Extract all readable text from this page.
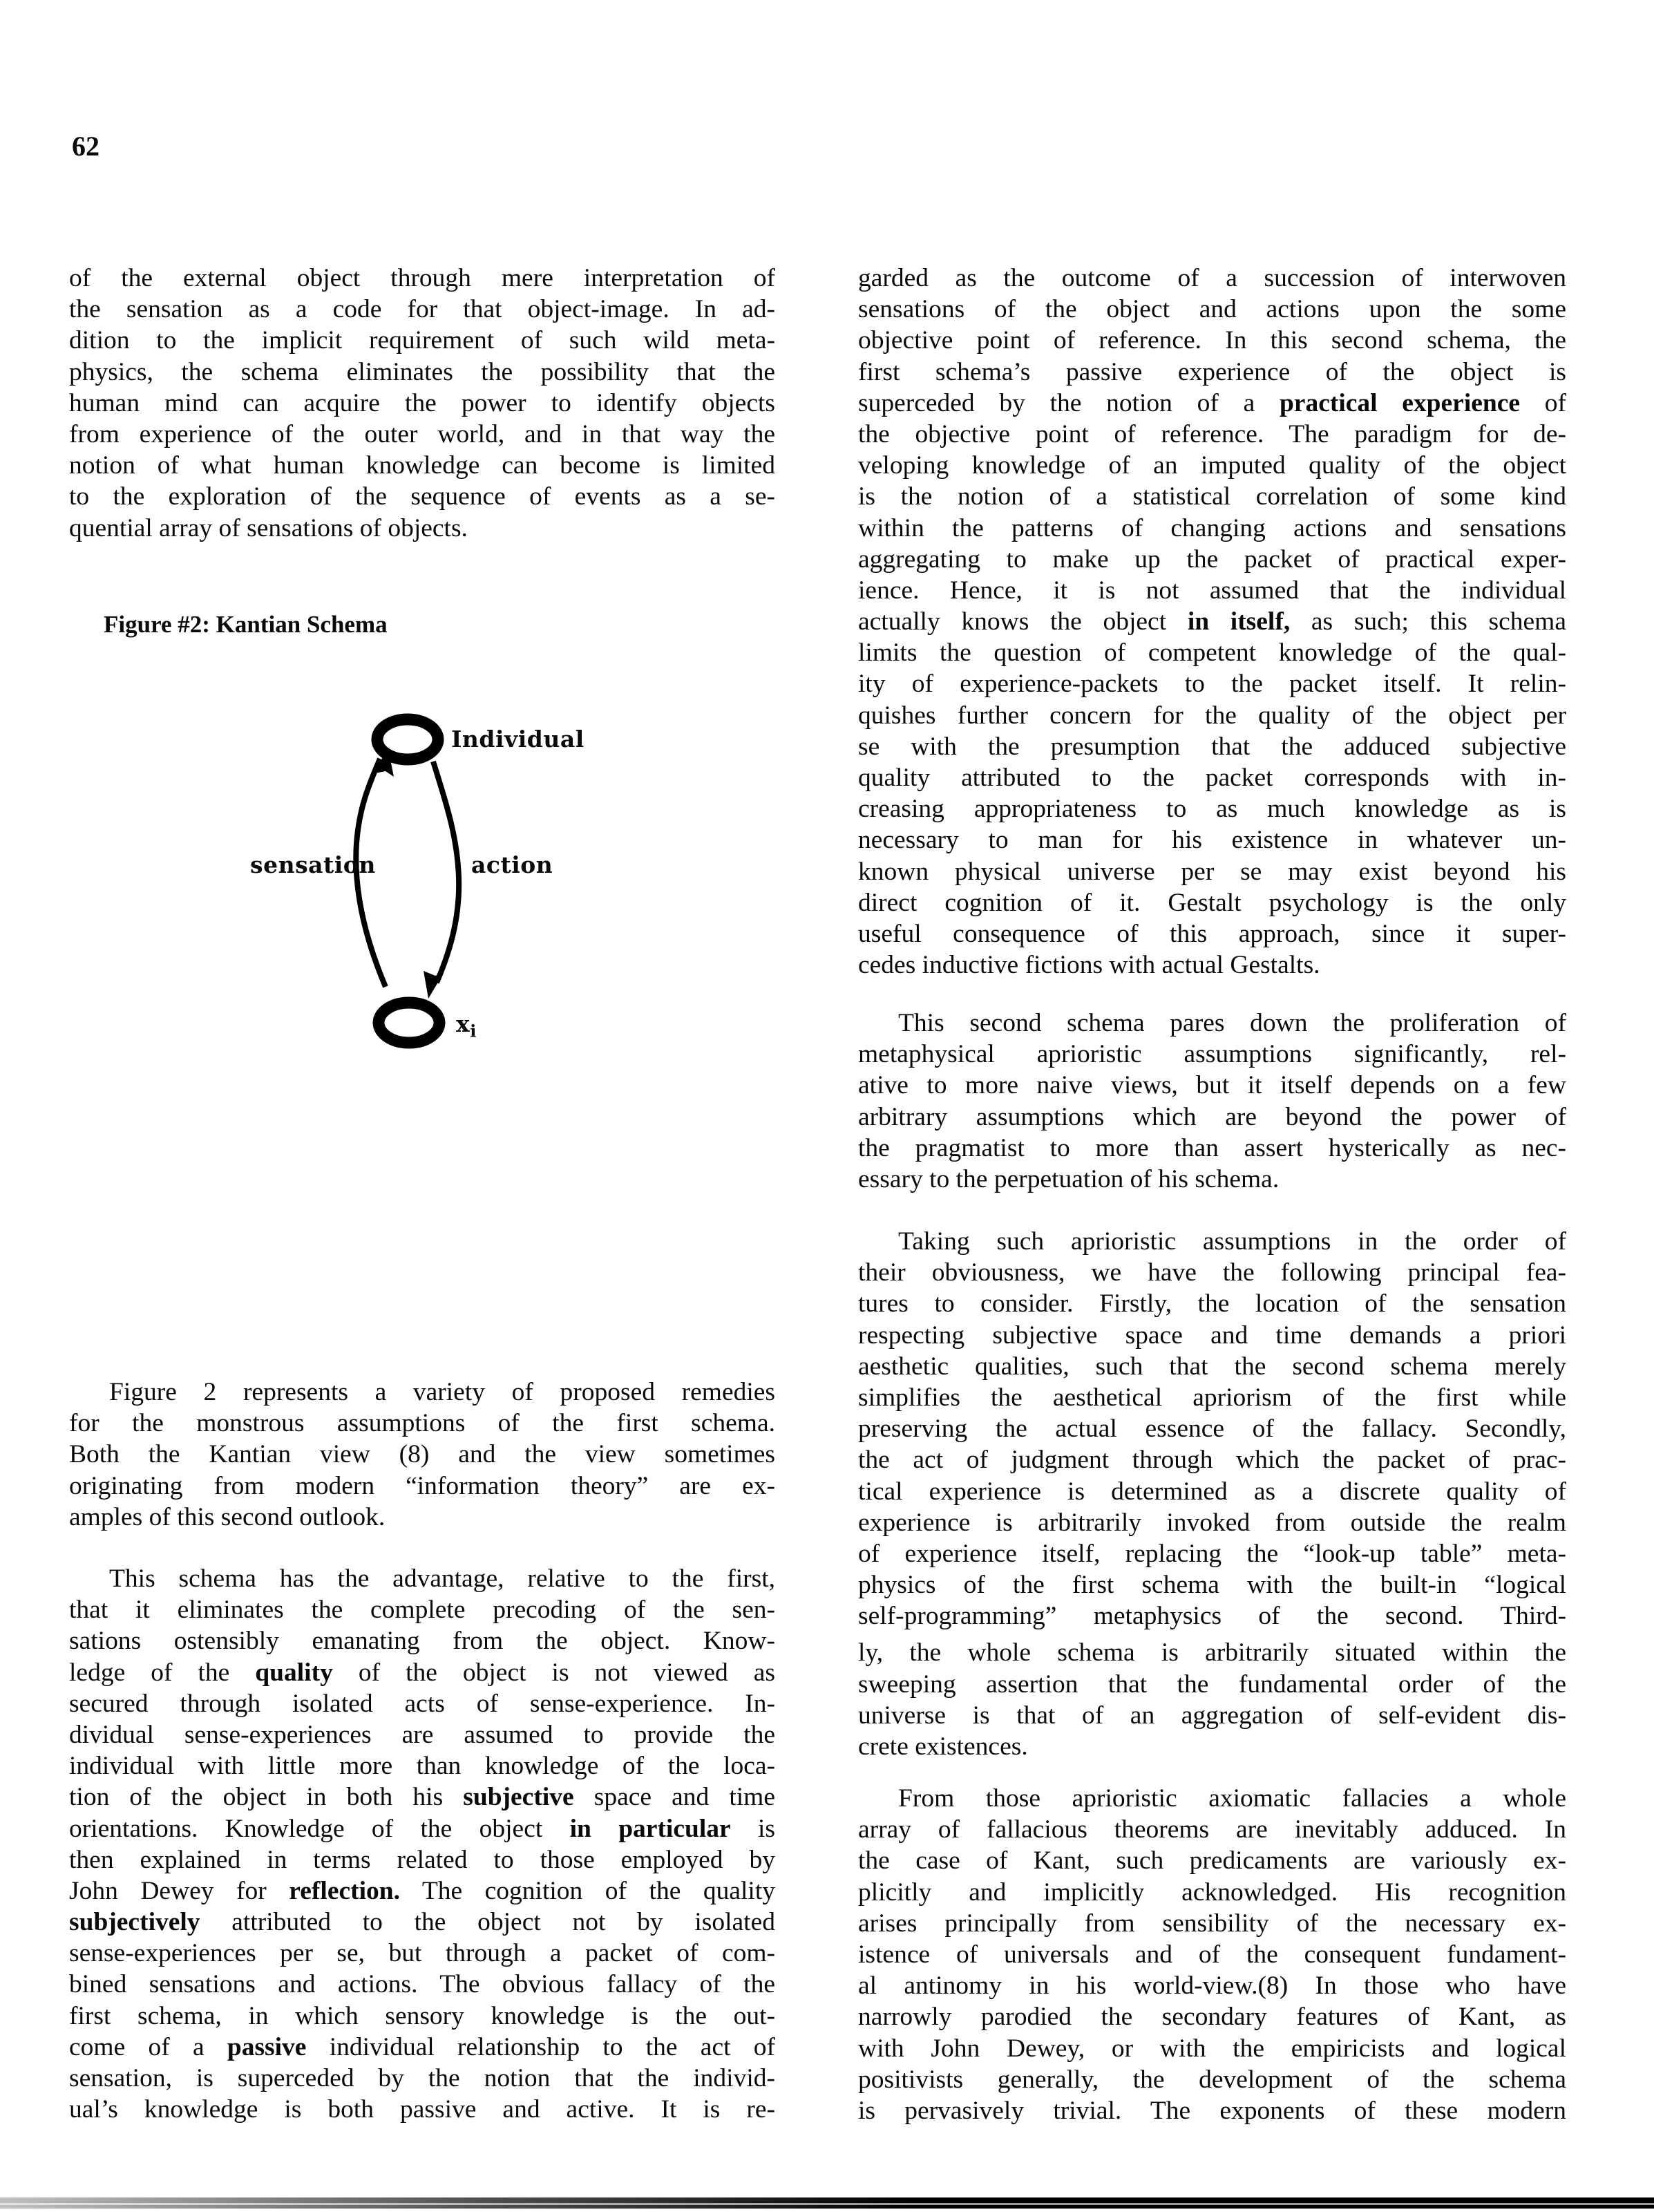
62
of the external object through mere interpretation of
the sensation as a code for that object-image. In ad-
dition to the implicit requirement of such wild meta-
physics, the schema eliminates the possibility that the
human mind can acquire the power to identify objects
from experience of the outer world, and in that way the
notion of what human knowledge can become is limited
to the exploration of the sequence of events as a se-
quential array of sensations of objects.
Figure #2: Kantian Schema
Individual
sensation	action
$x_i$
Figure 2 represents a variety of proposed remedies
for the monstrous assumptions of the first schema.
Both the Kantian view (8) and the view sometimes
originating from modern “information theory” are ex-
amples of this second outlook.
This schema has the advantage, relative to the first,
that it eliminates the complete precoding of the sen-
sations ostensibly emanating from the object. Know-
ledge of the quality of the object is not viewed as
secured through isolated acts of sense-experience. In-
dividual sense-experiences are assumed to provide the
individual with little more than knowledge of the loca-
tion of the object in both his subjective space and time
orientations. Knowledge of the object in particular is
then explained in terms related to those employed by
John Dewey for reflection. The cognition of the quality
subjectively attributed to the object not by isolated
sense-experiences per se, but through a packet of com-
bined sensations and actions. The obvious fallacy of the
first schema, in which sensory knowledge is the out-
come of a passive individual relationship to the act of
sensation, is superceded by the notion that the individ-
ual’s knowledge is both passive and active. It is re-
garded as the outcome of a succession of interwoven
sensations of the object and actions upon the some
objective point of reference. In this second schema, the
first schema’s passive experience of the object is
superceded by the notion of a practical experience of
the objective point of reference. The paradigm for de-
veloping knowledge of an imputed quality of the object
is the notion of a statistical correlation of some kind
within the patterns of changing actions and sensations
aggregating to make up the packet of practical exper-
ience. Hence, it is not assumed that the individual
actually knows the object in itself, as such; this schema
limits the question of competent knowledge of the qual-
ity of experience-packets to the packet itself. It relin-
quishes further concern for the quality of the object per
se with the presumption that the adduced subjective
quality attributed to the packet corresponds with in-
creasing appropriateness to as much knowledge as is
necessary to man for his existence in whatever un-
known physical universe per se may exist beyond his
direct cognition of it. Gestalt psychology is the only
useful consequence of this approach, since it super-
cedes inductive fictions with actual Gestalts.
This second schema pares down the proliferation of
metaphysical aprioristic assumptions significantly, rel-
ative to more naive views, but it itself depends on a few
arbitrary assumptions which are beyond the power of
the pragmatist to more than assert hysterically as nec-
essary to the perpetuation of his schema.
Taking such aprioristic assumptions in the order of
their obviousness, we have the following principal fea-
tures to consider. Firstly, the location of the sensation
respecting subjective space and time demands a priori
aesthetic qualities, such that the second schema merely
simplifies the aesthetical apriorism of the first while
preserving the actual essence of the fallacy. Secondly,
the act of judgment through which the packet of prac-
tical experience is determined as a discrete quality of
experience is arbitrarily invoked from outside the realm
of experience itself, replacing the “look-up table” meta-
physics of the first schema with the built-in “logical
self-programming” metaphysics of the second. Third-
ly, the whole schema is arbitrarily situated within the
sweeping assertion that the fundamental order of the
universe is that of an aggregation of self-evident dis-
crete existences.
From those aprioristic axiomatic fallacies a whole
array of fallacious theorems are inevitably adduced. In
the case of Kant, such predicaments are variously ex-
plicitly and implicitly acknowledged. His recognition
arises principally from sensibility of the necessary ex-
istence of universals and of the consequent fundament-
al antinomy in his world-view.(8) In those who have
narrowly parodied the secondary features of Kant, as
with John Dewey, or with the empiricists and logical
positivists generally, the development of the schema
is pervasively trivial. The exponents of these modern
